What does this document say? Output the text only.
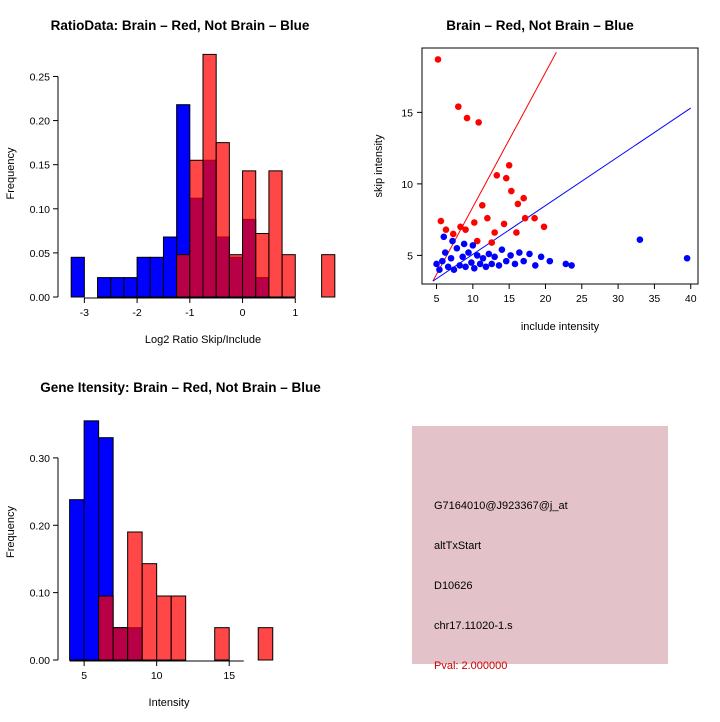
RatioData: Brain – Red, Not Brain – Blue
0.00
0.05
0.10
0.15
0.20
0.25
-3	-2	-1	0	1
Log2 Ratio Skip/Include
Frequency
Brain – Red, Not Brain – Blue
5	10 15 20 25 30 35 40
5
10
15
include intensity
skip intensity
Gene Itensity: Brain – Red, Not Brain – Blue
0.00
0.10
0.20
0.30
5	10	15
Intensity
Frequency
G7164010@J923367@j_at
altTxStart
D10626
chr17.11020-1.s
Pval: 2.000000
